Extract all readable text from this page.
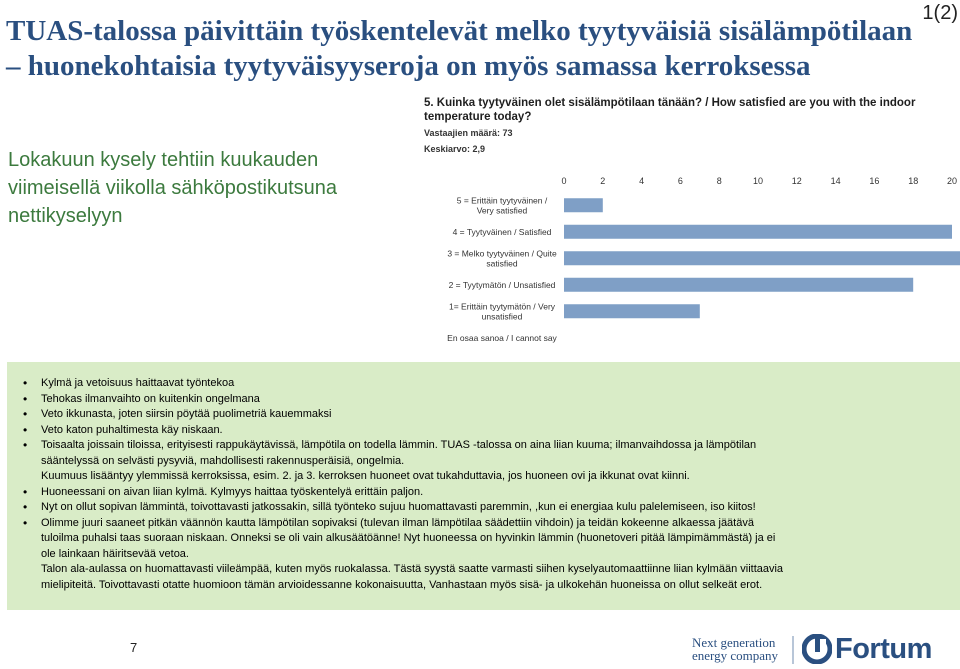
1(2)
TUAS-talossa päivittäin työskentelevät melko tyytyväisiä sisälämpötilaan – huonekohtaisia tyytyväisyyseroja on myös samassa kerroksessa
Lokakuun kysely tehtiin kuukauden viimeisellä viikolla sähköpostikutsuna nettikyselyyn
5. Kuinka tyytyväinen olet sisälämpötilaan tänään? / How satisfied are you with the indoor temperature today?
Vastaajien määrä: 73
Keskiarvo: 2,9
0	2	4	6	8	10	12	14	16	18	20
5 = Erittäin tyytyväinen / Very satisfied
4 = Tyytyväinen / Satisfied
3 = Melko tyytyväinen / Quite satisfied
2 = Tyytymätön / Unsatisfied
1= Erittäin tyytymätön / Very unsatisfied
En osaa sanoa / I cannot say
• Kylmä ja vetoisuus haittaavat työntekoa
• Tehokas ilmanvaihto on kuitenkin ongelmana
• Veto ikkunasta, joten siirsin pöytää puolimetriä kauemmaksi
• Veto katon puhaltimesta käy niskaan.
• Toisaalta joissain tiloissa, erityisesti rappukäytävissä, lämpötila on todella lämmin. TUAS -talossa on aina liian kuuma; ilmanvaihdossa ja lämpötilan
sääntelyssä on selvästi pysyviä, mahdollisesti rakennusperäisiä, ongelmia.
Kuumuus lisääntyy ylemmissä kerroksissa, esim. 2. ja 3. kerroksen huoneet ovat tukahduttavia, jos huoneen ovi ja ikkunat ovat kiinni.
• Huoneessani on aivan liian kylmä. Kylmyys haittaa työskentelyä erittäin paljon.
• Nyt on ollut sopivan lämmintä, toivottavasti jatkossakin, sillä työnteko sujuu huomattavasti paremmin, ,kun ei energiaa kulu palelemiseen, iso kiitos!
• Olimme juuri saaneet pitkän väännön kautta lämpötilan sopivaksi (tulevan ilman lämpötilaa säädettiin vihdoin) ja teidän kokeenne alkaessa jäätävä
tuloilma puhalsi taas suoraan niskaan. Onneksi se oli vain alkusäätöänne! Nyt huoneessa on hyvinkin lämmin (huonetoveri pitää lämpimämmästä) ja ei
ole lainkaan häiritsevää vetoa.
Talon ala-aulassa on huomattavasti viileämpää, kuten myös ruokalassa. Tästä syystä saatte varmasti siihen kyselyautomaattiinne liian kylmään viittaavia
mielipiteitä. Toivottavasti otatte huomioon tämän arvioidessanne kokonaisuutta, Vanhastaan myös sisä- ja ulkokehän huoneissa on ollut selkeät erot.
7	Next generation
energy company Fortum
